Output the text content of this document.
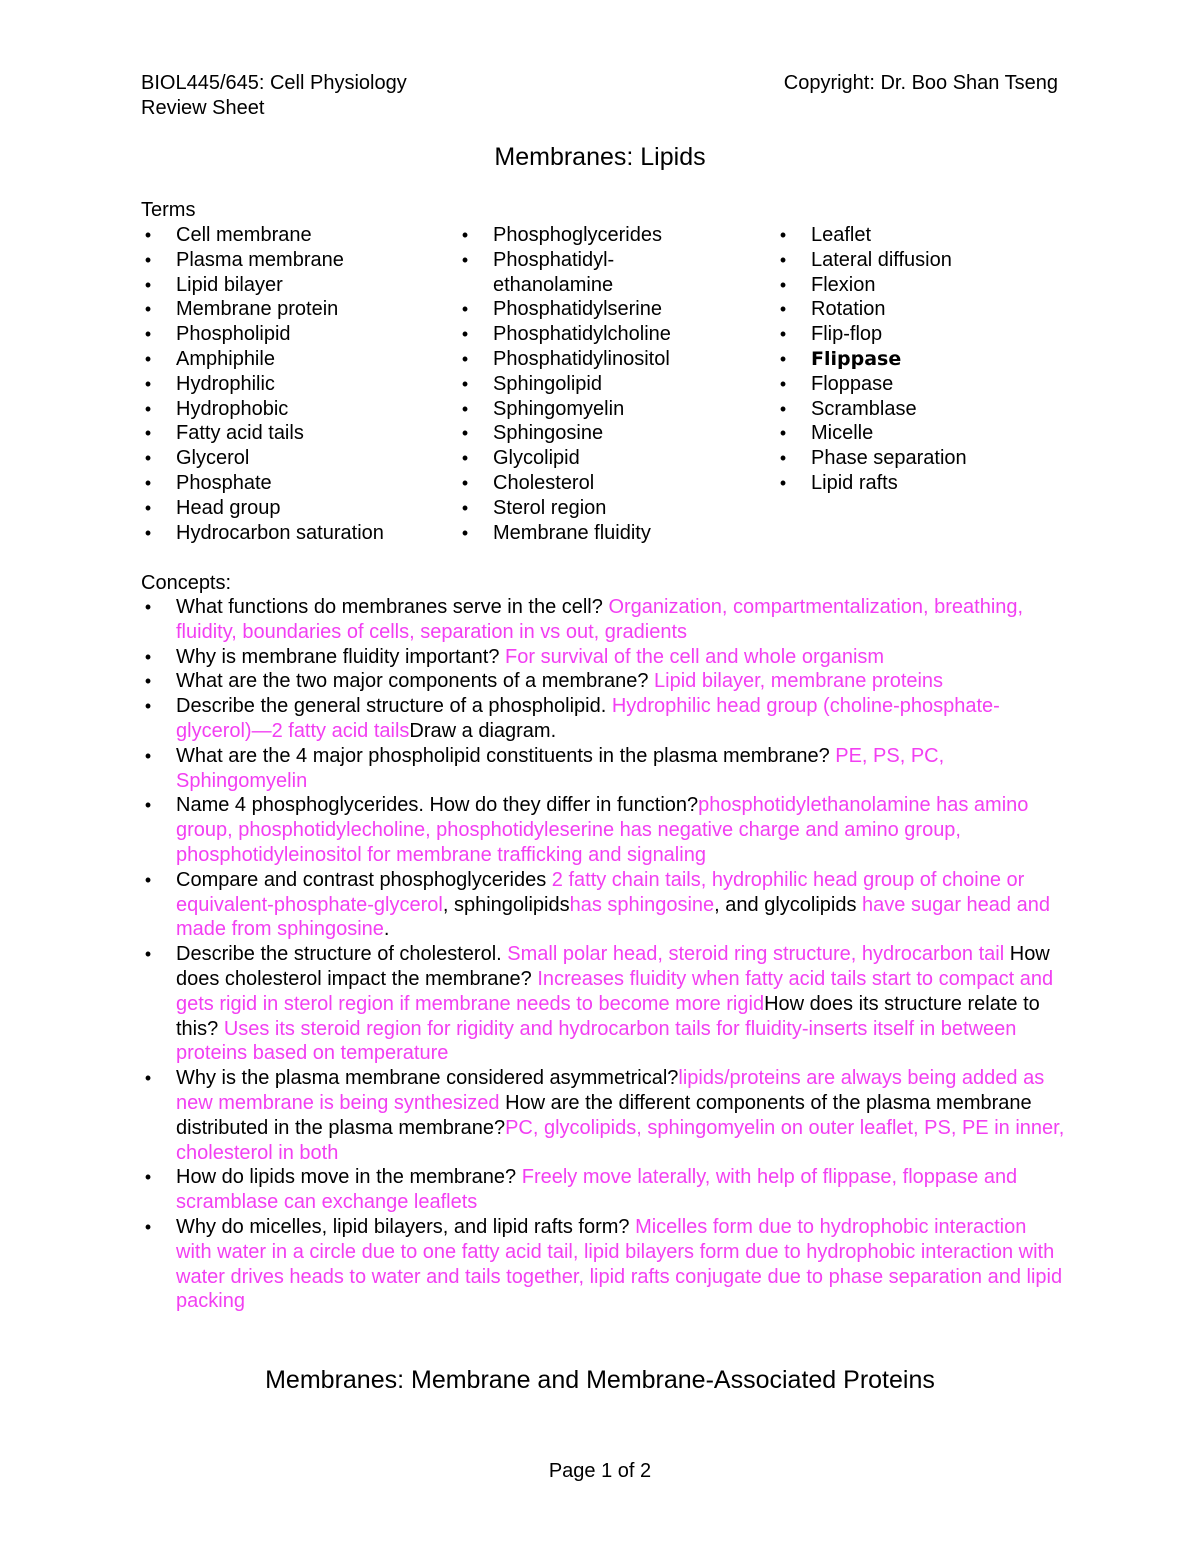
BIOL445/645: Cell Physiology
Review Sheet
Copyright: Dr. Boo Shan Tseng
Membranes: Lipids
Terms
• Cell membrane
• Plasma membrane
• Lipid bilayer
• Membrane protein
• Phospholipid
• Amphiphile
• Hydrophilic
• Hydrophobic
• Fatty acid tails
• Glycerol
• Phosphate
• Head group
• Hydrocarbon saturation
• Phosphoglycerides
• Phosphatidyl-
ethanolamine
• Phosphatidylserine
• Phosphatidylcholine
• Phosphatidylinositol
• Sphingolipid
• Sphingomyelin
• Sphingosine
• Glycolipid
• Cholesterol
• Sterol region
• Membrane fluidity
• Leaflet
• Lateral diffusion
• Flexion
• Rotation
• Flip-flop
• Flippase
• Floppase
• Scramblase
• Micelle
• Phase separation
• Lipid rafts
Concepts:
• What functions do membranes serve in the cell? Organization, compartmentalization, breathing, fluidity, boundaries of cells, separation in vs out, gradients
• Why is membrane fluidity important? For survival of the cell and whole organism
• What are the two major components of a membrane? Lipid bilayer, membrane proteins
• Describe the general structure of a phospholipid. Hydrophilic head group (choline-phosphate-glycerol)—2 fatty acid tailsDraw a diagram.
• What are the 4 major phospholipid constituents in the plasma membrane? PE, PS, PC, Sphingomyelin
• Name 4 phosphoglycerides. How do they differ in function?phosphotidylethanolamine has amino group, phosphotidylecholine, phosphotidyleserine has negative charge and amino group, phosphotidyleinositol for membrane trafficking and signaling
• Compare and contrast phosphoglycerides 2 fatty chain tails, hydrophilic head group of choine or equivalent-phosphate-glycerol, sphingolipidshas sphingosine, and glycolipids have sugar head and made from sphingosine.
• Describe the structure of cholesterol. Small polar head, steroid ring structure, hydrocarbon tail How does cholesterol impact the membrane? Increases fluidity when fatty acid tails start to compact and gets rigid in sterol region if membrane needs to become more rigidHow does its structure relate to this? Uses its steroid region for rigidity and hydrocarbon tails for fluidity-inserts itself in between proteins based on temperature
• Why is the plasma membrane considered asymmetrical?lipids/proteins are always being added as new membrane is being synthesized How are the different components of the plasma membrane distributed in the plasma membrane?PC, glycolipids, sphingomyelin on outer leaflet, PS, PE in inner, cholesterol in both
• How do lipids move in the membrane? Freely move laterally, with help of flippase, floppase and scramblase can exchange leaflets
• Why do micelles, lipid bilayers, and lipid rafts form? Micelles form due to hydrophobic interaction with water in a circle due to one fatty acid tail, lipid bilayers form due to hydrophobic interaction with water drives heads to water and tails together, lipid rafts conjugate due to phase separation and lipid packing
Membranes: Membrane and Membrane-Associated Proteins
Page 1 of 2
